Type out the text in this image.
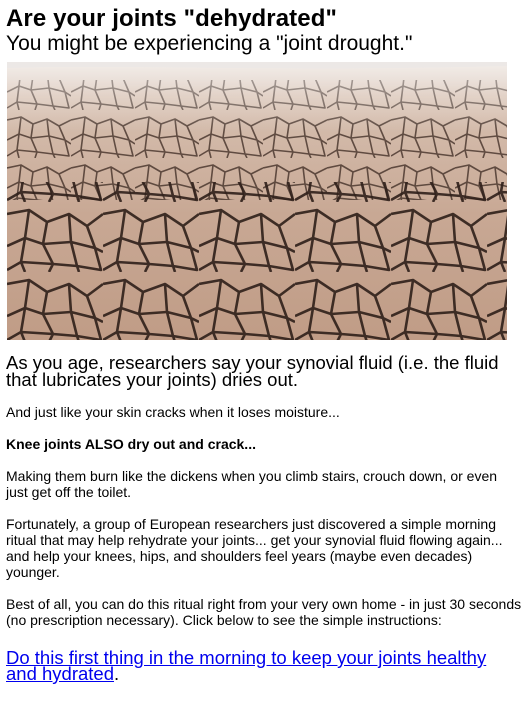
Are your joints "dehydrated"
You might be experiencing a "joint drought."
As you age, researchers say your synovial fluid (i.e. the fluid that lubricates your joints) dries out.

And just like your skin cracks when it loses moisture...

Knee joints ALSO dry out and crack...

Making them burn like the dickens when you climb stairs, crouch down, or even just get off the toilet.

Fortunately, a group of European researchers just discovered a simple morning ritual that may help rehydrate your joints... get your synovial fluid flowing again... and help your knees, hips, and shoulders feel years (maybe even decades) younger.

Best of all, you can do this ritual right from your very own home - in just 30 seconds (no prescription necessary). Click below to see the simple instructions:

Do this first thing in the morning to keep your joints healthy and hydrated.
